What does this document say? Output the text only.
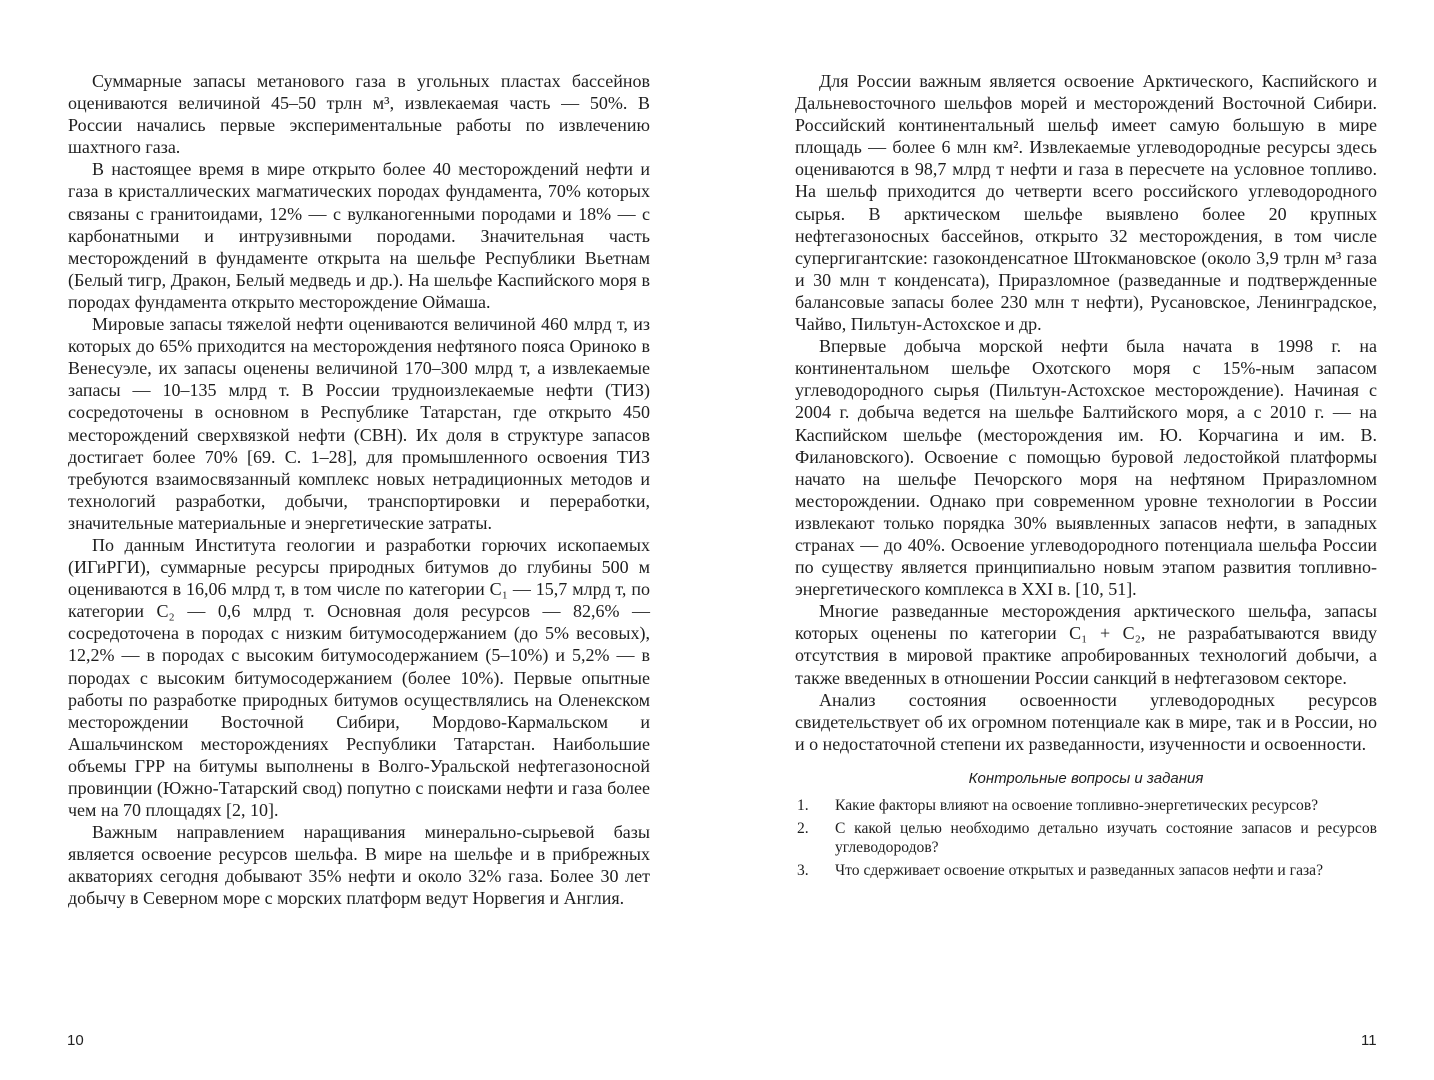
Суммарные запасы метанового газа в угольных пластах бассейнов оцениваются величиной 45–50 трлн м³, извлекаемая часть — 50%. В России начались первые экспериментальные работы по извлечению шахтного газа.

В настоящее время в мире открыто более 40 месторождений нефти и газа в кристаллических магматических породах фундамента, 70% которых связаны с гранитоидами, 12% — с вулканогенными породами и 18% — с карбонатными и интрузивными породами. Значительная часть месторождений в фундаменте открыта на шельфе Республики Вьетнам (Белый тигр, Дракон, Белый медведь и др.). На шельфе Каспийского моря в породах фундамента открыто месторождение Оймаша.

Мировые запасы тяжелой нефти оцениваются величиной 460 млрд т, из которых до 65% приходится на месторождения нефтяного пояса Ориноко в Венесуэле, их запасы оценены величиной 170–300 млрд т, а извлекаемые запасы — 10–135 млрд т. В России трудноизлекаемые нефти (ТИЗ) сосредоточены в основном в Республике Татарстан, где открыто 450 месторождений сверхвязкой нефти (СВН). Их доля в структуре запасов достигает более 70% [69. С. 1–28], для промышленного освоения ТИЗ требуются взаимосвязанный комплекс новых нетрадиционных методов и технологий разработки, добычи, транспортировки и переработки, значительные материальные и энергетические затраты.

По данным Института геологии и разработки горючих ископаемых (ИГиРГИ), суммарные ресурсы природных битумов до глубины 500 м оцениваются в 16,06 млрд т, в том числе по категории C₁ — 15,7 млрд т, по категории C₂ — 0,6 млрд т. Основная доля ресурсов — 82,6% — сосредоточена в породах с низким битумосодержанием (до 5% весовых), 12,2% — в породах с высоким битумосодержанием (5–10%) и 5,2% — в породах с высоким битумосодержанием (более 10%). Первые опытные работы по разработке природных битумов осуществлялись на Оленекском месторождении Восточной Сибири, Мордово-Кармальском и Ашальчинском месторождениях Республики Татарстан. Наибольшие объемы ГРР на битумы выполнены в Волго-Уральской нефтегазоносной провинции (Южно-Татарский свод) попутно с поисками нефти и газа более чем на 70 площадях [2, 10].

Важным направлением наращивания минерально-сырьевой базы является освоение ресурсов шельфа. В мире на шельфе и в прибрежных акваториях сегодня добывают 35% нефти и около 32% газа. Более 30 лет добычу в Северном море с морских платформ ведут Норвегия и Англия.

Для России важным является освоение Арктического, Каспийского и Дальневосточного шельфов морей и месторождений Восточной Сибири. Российский континентальный шельф имеет самую большую в мире площадь — более 6 млн км². Извлекаемые углеводородные ресурсы здесь оцениваются в 98,7 млрд т нефти и газа в пересчете на условное топливо. На шельф приходится до четверти всего российского углеводородного сырья. В арктическом шельфе выявлено более 20 крупных нефтегазоносных бассейнов, открыто 32 месторождения, в том числе супергигантские: газоконденсатное Штокмановское (около 3,9 трлн м³ газа и 30 млн т конденсата), Приразломное (разведанные и подтвержденные балансовые запасы более 230 млн т нефти), Русановское, Ленинградское, Чайво, Пильтун-Астохское и др.

Впервые добыча морской нефти была начата в 1998 г. на континентальном шельфе Охотского моря с 15%-ным запасом углеводородного сырья (Пильтун-Астохское месторождение). Начиная с 2004 г. добыча ведется на шельфе Балтийского моря, а с 2010 г. — на Каспийском шельфе (месторождения им. Ю. Корчагина и им. В. Филановского). Освоение с помощью буровой ледостойкой платформы начато на шельфе Печорского моря на нефтяном Приразломном месторождении. Однако при современном уровне технологии в России извлекают только порядка 30% выявленных запасов нефти, в западных странах — до 40%. Освоение углеводородного потенциала шельфа России по существу является принципиально новым этапом развития топливно-энергетического комплекса в XXI в. [10, 51].

Многие разведанные месторождения арктического шельфа, запасы которых оценены по категории C₁ + C₂, не разрабатываются ввиду отсутствия в мировой практике апробированных технологий добычи, а также введенных в отношении России санкций в нефтегазовом секторе.

Анализ состояния освоенности углеводородных ресурсов свидетельствует об их огромном потенциале как в мире, так и в России, но и о недостаточной степени их разведанности, изученности и освоенности.

Контрольные вопросы и задания
1.	Какие факторы влияют на освоение топливно-энергетических ресурсов?
2.	С какой целью необходимо детально изучать состояние запасов и ресурсов углеводородов?
3.	Что сдерживает освоение открытых и разведанных запасов нефти и газа?
10	11
